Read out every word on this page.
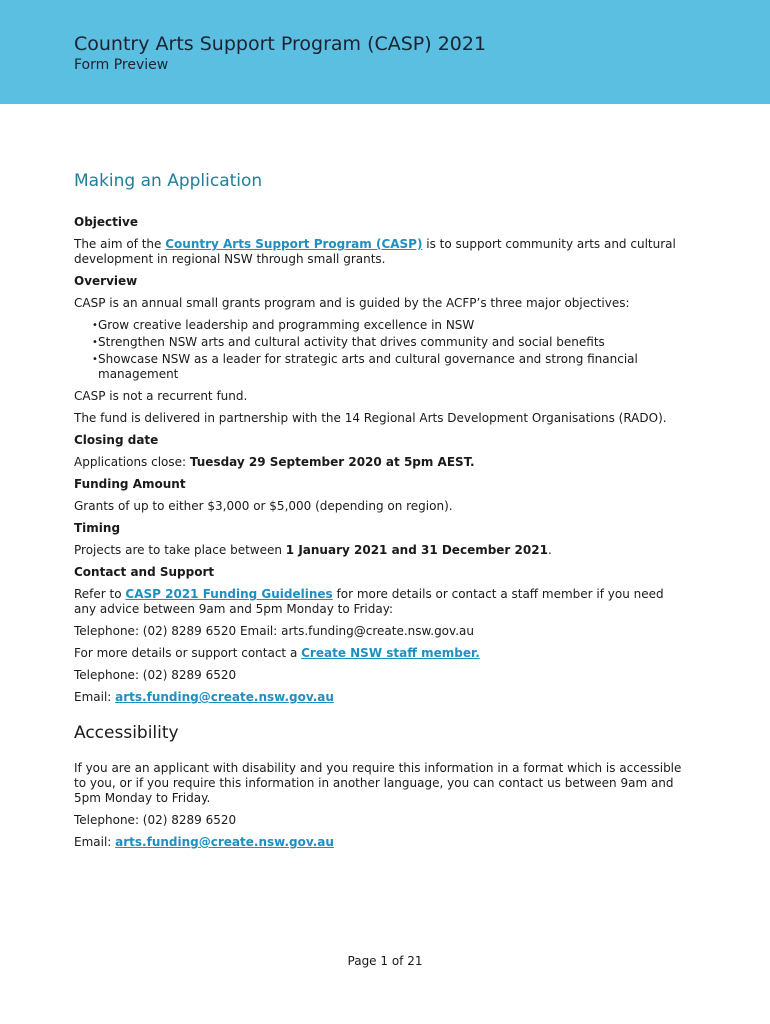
Country Arts Support Program (CASP) 2021
Form Preview
Making an Application
Objective

The aim of the Country Arts Support Program (CASP) is to support community arts and cultural development in regional NSW through small grants.

Overview

CASP is an annual small grants program and is guided by the ACFP’s three major objectives:

• Grow creative leadership and programming excellence in NSW
• Strengthen NSW arts and cultural activity that drives community and social benefits
• Showcase NSW as a leader for strategic arts and cultural governance and strong financial management

CASP is not a recurrent fund.

The fund is delivered in partnership with the 14 Regional Arts Development Organisations (RADO).

Closing date

Applications close: Tuesday 29 September 2020 at 5pm AEST.

Funding Amount

Grants of up to either $3,000 or $5,000 (depending on region).

Timing

Projects are to take place between 1 January 2021 and 31 December 2021.

Contact and Support

Refer to CASP 2021 Funding Guidelines for more details or contact a staff member if you need any advice between 9am and 5pm Monday to Friday:

Telephone: (02) 8289 6520 Email: arts.funding@create.nsw.gov.au

For more details or support contact a Create NSW staff member.

Telephone: (02) 8289 6520

Email: arts.funding@create.nsw.gov.au

Accessibility

If you are an applicant with disability and you require this information in a format which is accessible to you, or if you require this information in another language, you can contact us between 9am and 5pm Monday to Friday.

Telephone: (02) 8289 6520

Email: arts.funding@create.nsw.gov.au

Page 1 of 21
